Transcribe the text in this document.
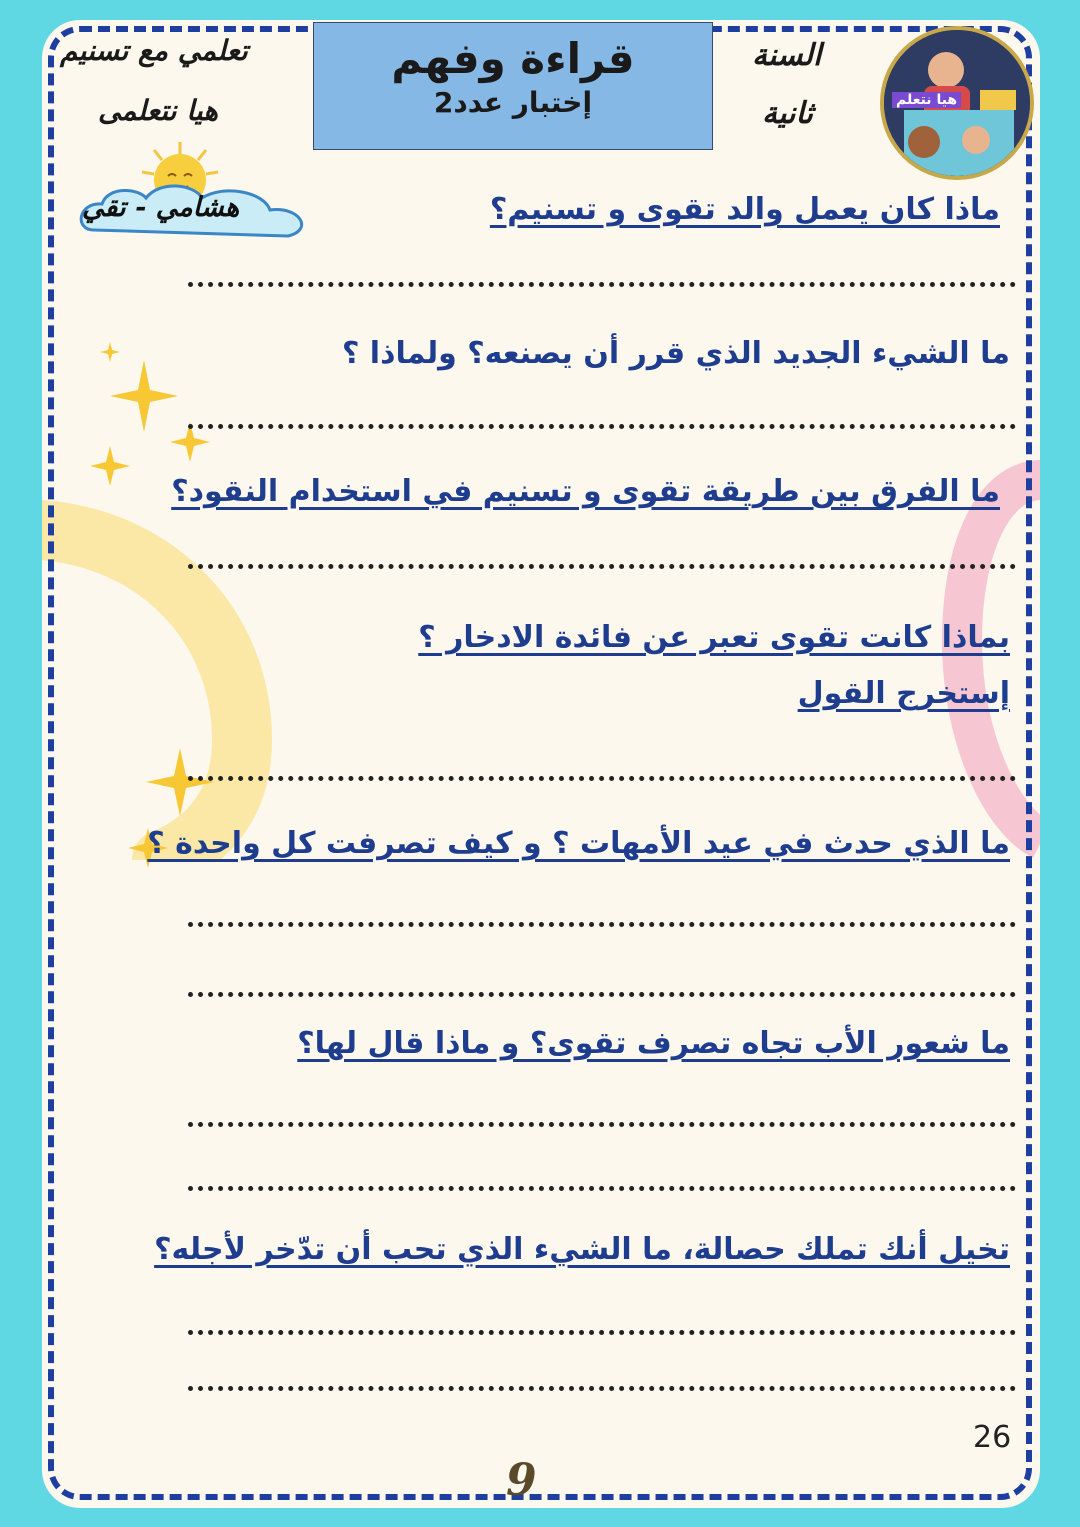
تعلمي مع تسنيم
هيا نتعلمى
قراءة وفهم
إختبار عدد2
السنة
ثانية	هيا نتعلم
هشامي - تقي	ماذا كان يعمل والد تقوى و تسنيم؟
ما الشيء الجديد الذي قرر أن يصنعه؟ ولماذا ؟
ما الفرق بين طريقة تقوى و تسنيم في استخدام النقود؟
بماذا كانت تقوى تعبر عن فائدة الادخار ؟
إستخرج القول
ما الذي حدث في عيد الأمهات ؟ و كيف تصرفت كل واحدة ؟
ما شعور الأب تجاه تصرف تقوى؟ و ماذا قال لها؟
تخيل أنك تملك حصالة، ما الشيء الذي تحب أن تدّخر لأجله؟
26
9
